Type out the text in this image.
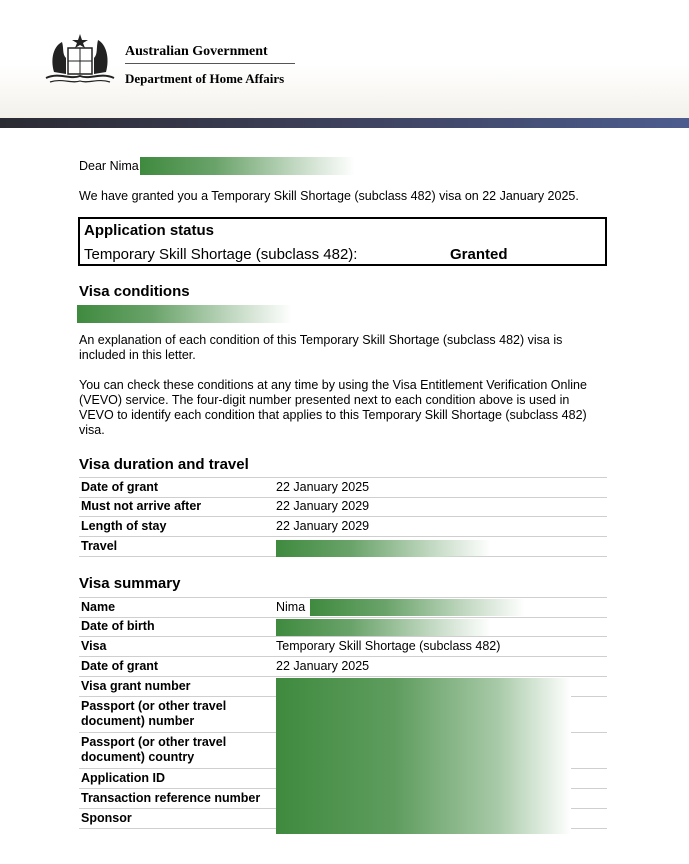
Australian Government
Department of Home Affairs
Dear Nima
We have granted you a Temporary Skill Shortage (subclass 482) visa on 22 January 2025.
Application status
Temporary Skill Shortage (subclass 482):	Granted
Visa conditions
An explanation of each condition of this Temporary Skill Shortage (subclass 482) visa is
included in this letter.
You can check these conditions at any time by using the Visa Entitlement Verification Online
(VEVO) service. The four-digit number presented next to each condition above is used in
VEVO to identify each condition that applies to this Temporary Skill Shortage (subclass 482)
visa.
Visa duration and travel
Date of grant	22 January 2025
Must not arrive after	22 January 2029
Length of stay	22 January 2029
Travel
Visa summary
Name	Nima
Date of birth
Visa	Temporary Skill Shortage (subclass 482)
Date of grant	22 January 2025
Visa grant number
Passport (or other travel
document) number
Passport (or other travel
document) country
Application ID
Transaction reference number
Sponsor
